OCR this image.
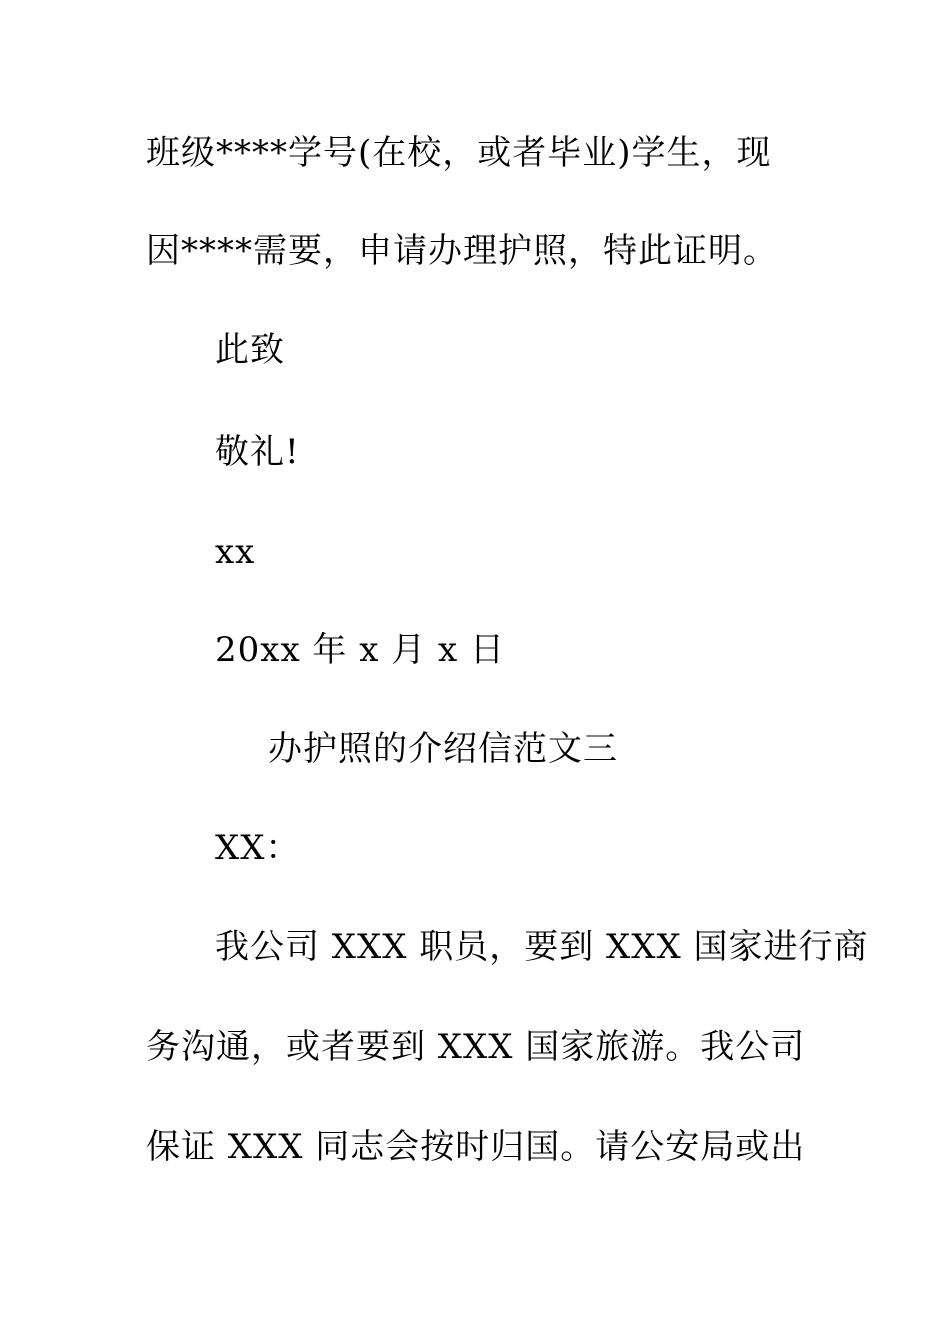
班级****学号(在校，或者毕业)学生，现
因****需要，申请办理护照，特此证明。
此致
敬礼!
xx
20xx 年 x 月 x 日
办护照的介绍信范文三
XX：
我公司 XXX 职员，要到 XXX 国家进行商
务沟通，或者要到 XXX 国家旅游。我公司
保证 XXX 同志会按时归国。请公安局或出
